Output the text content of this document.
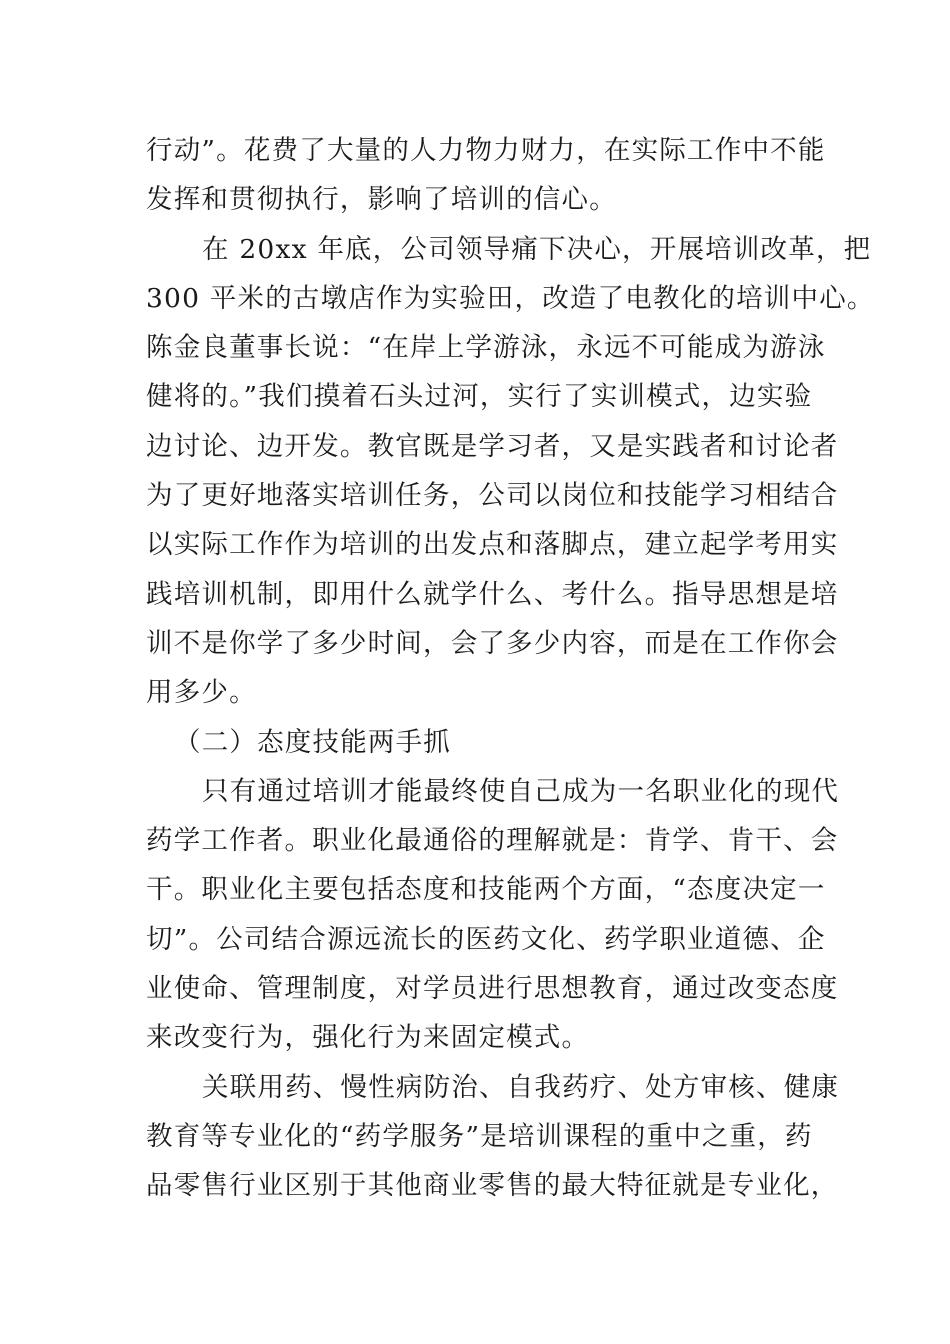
行动”。花费了大量的人力物力财力，在实际工作中不能
发挥和贯彻执行，影响了培训的信心。
在 20xx 年底，公司领导痛下决心，开展培训改革，把
300 平米的古墩店作为实验田，改造了电教化的培训中心。
陈金良董事长说：“在岸上学游泳，永远不可能成为游泳
健将的。”我们摸着石头过河，实行了实训模式，边实验
边讨论、边开发。教官既是学习者，又是实践者和讨论者
为了更好地落实培训任务，公司以岗位和技能学习相结合
以实际工作作为培训的出发点和落脚点，建立起学考用实
践培训机制，即用什么就学什么、考什么。指导思想是培
训不是你学了多少时间，会了多少内容，而是在工作你会
用多少。
（二）态度技能两手抓
只有通过培训才能最终使自己成为一名职业化的现代
药学工作者。职业化最通俗的理解就是：肯学、肯干、会
干。职业化主要包括态度和技能两个方面，“态度决定一
切”。公司结合源远流长的医药文化、药学职业道德、企
业使命、管理制度，对学员进行思想教育，通过改变态度
来改变行为，强化行为来固定模式。
关联用药、慢性病防治、自我药疗、处方审核、健康
教育等专业化的“药学服务”是培训课程的重中之重，药
品零售行业区别于其他商业零售的最大特征就是专业化，
